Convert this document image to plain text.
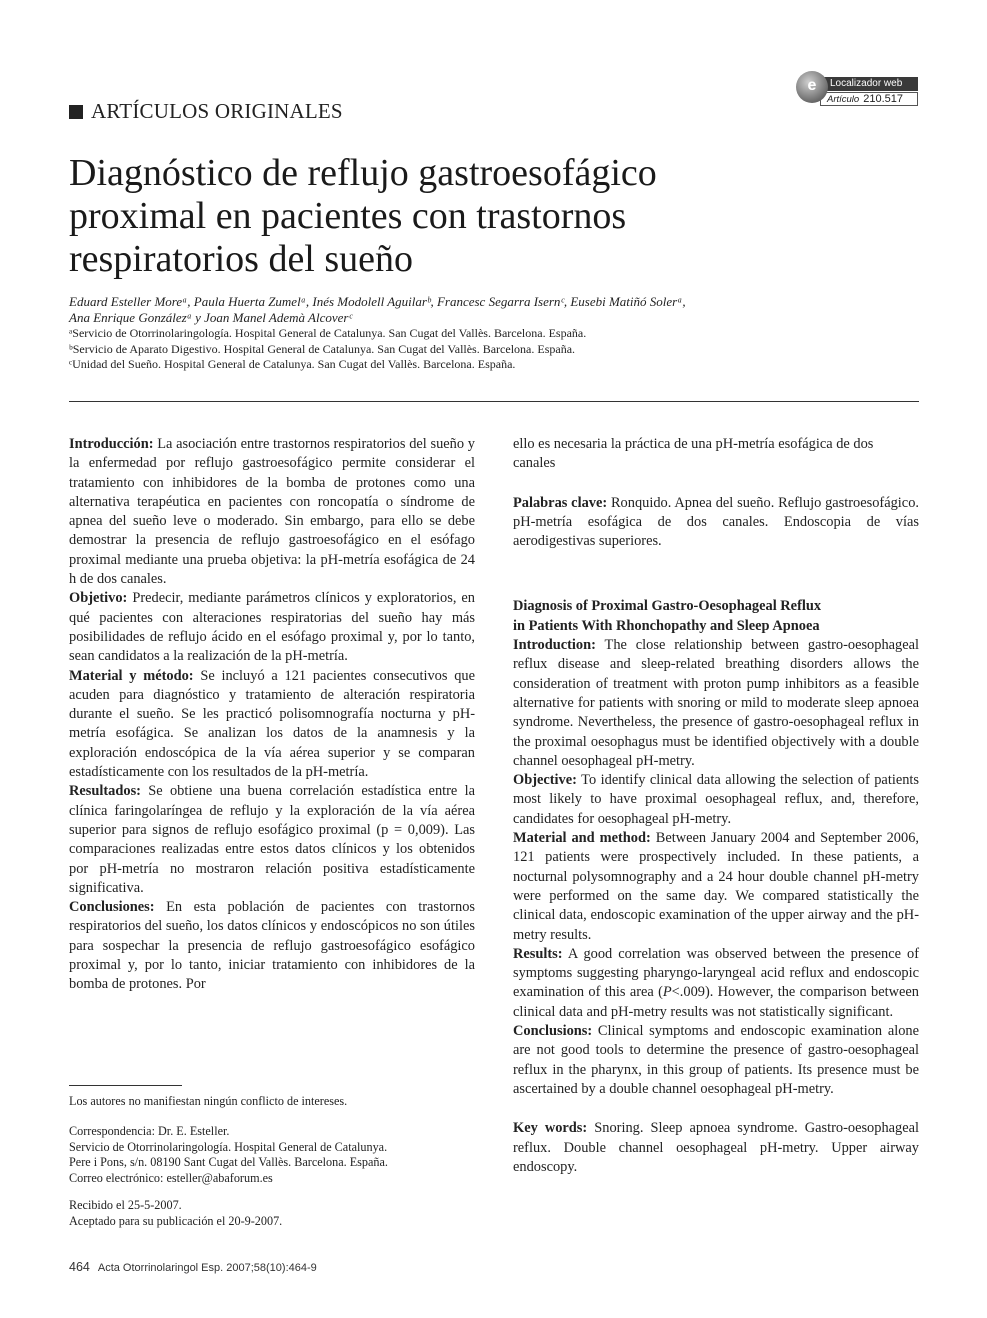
ARTÍCULOS ORIGINALES
Localizador web
Artículo 210.517
e
Diagnóstico de reflujo gastroesofágico
proximal en pacientes con trastornos
respiratorios del sueño
Eduard Esteller Moreᵃ, Paula Huerta Zumelᵃ, Inés Modolell Aguilarᵇ, Francesc Segarra Isernᶜ, Eusebi Matiñó Solerᵃ,
Ana Enrique Gonzálezᵃ y Joan Manel Ademà Alcoverᶜ
ᵃServicio de Otorrinolaringología. Hospital General de Catalunya. San Cugat del Vallès. Barcelona. España.
ᵇServicio de Aparato Digestivo. Hospital General de Catalunya. San Cugat del Vallès. Barcelona. España.
ᶜUnidad del Sueño. Hospital General de Catalunya. San Cugat del Vallès. Barcelona. España.

Introducción: La asociación entre trastornos respiratorios del sueño y la enfermedad por reflujo gastroesofágico permite considerar el tratamiento con inhibidores de la bomba de protones como una alternativa terapéutica en pacientes con roncopatía o síndrome de apnea del sueño leve o moderado. Sin embargo, para ello se debe demostrar la presencia de reflujo gastroesofágico en el esófago proximal mediante una prueba objetiva: la pH-metría esofágica de 24 h de dos canales.

Objetivo: Predecir, mediante parámetros clínicos y exploratorios, en qué pacientes con alteraciones respiratorias del sueño hay más posibilidades de reflujo ácido en el esófago proximal y, por lo tanto, sean candidatos a la realización de la pH-metría.

Material y método: Se incluyó a 121 pacientes consecutivos que acuden para diagnóstico y tratamiento de alteración respiratoria durante el sueño. Se les practicó polisomnografía nocturna y pH-metría esofágica. Se analizan los datos de la anamnesis y la exploración endoscópica de la vía aérea superior y se comparan estadísticamente con los resultados de la pH-metría.

Resultados: Se obtiene una buena correlación estadística entre la clínica faringolaríngea de reflujo y la exploración de la vía aérea superior para signos de reflujo esofágico proximal (p = 0,009). Las comparaciones realizadas entre estos datos clínicos y los obtenidos por pH-metría no mostraron relación positiva estadísticamente significativa.

Conclusiones: En esta población de pacientes con trastornos respiratorios del sueño, los datos clínicos y endoscópicos no son útiles para sospechar la presencia de reflujo gastroesofágico esofágico proximal y, por lo tanto, iniciar tratamiento con inhibidores de la bomba de protones. Por

ello es necesaria la práctica de una pH-metría esofágica de dos canales

Palabras clave: Ronquido. Apnea del sueño. Reflujo gastroesofágico. pH-metría esofágica de dos canales. Endoscopia de vías aerodigestivas superiores.

Diagnosis of Proximal Gastro-Oesophageal Reflux
in Patients With Rhonchopathy and Sleep Apnoea

Introduction: The close relationship between gastro-oesophageal reflux disease and sleep-related breathing disorders allows the consideration of treatment with proton pump inhibitors as a feasible alternative for patients with snoring or mild to moderate sleep apnoea syndrome. Nevertheless, the presence of gastro-oesophageal reflux in the proximal oesophagus must be identified objectively with a double channel oesophageal pH-metry.

Objective: To identify clinical data allowing the selection of patients most likely to have proximal oesophageal reflux, and, therefore, candidates for oesophageal pH-metry.

Material and method: Between January 2004 and September 2006, 121 patients were prospectively included. In these patients, a nocturnal polysomnography and a 24 hour double channel pH-metry were performed on the same day. We compared statistically the clinical data, endoscopic examination of the upper airway and the pH-metry results.

Results: A good correlation was observed between the presence of symptoms suggesting pharyngo-laryngeal acid reflux and endoscopic examination of this area (P<.009). However, the comparison between clinical data and pH-metry results was not statistically significant.

Conclusions: Clinical symptoms and endoscopic examination alone are not good tools to determine the presence of gastro-oesophageal reflux in the pharynx, in this group of patients. Its presence must be ascertained by a double channel oesophageal pH-metry.

Key words: Snoring. Sleep apnoea syndrome. Gastro-oesophageal reflux. Double channel oesophageal pH-metry. Upper airway endoscopy.

Los autores no manifiestan ningún conflicto de intereses.
Correspondencia: Dr. E. Esteller.
Servicio de Otorrinolaringología. Hospital General de Catalunya.
Pere i Pons, s/n. 08190 Sant Cugat del Vallès. Barcelona. España.
Correo electrónico: esteller@abaforum.es
Recibido el 25-5-2007.
Aceptado para su publicación el 20-9-2007.
464 Acta Otorrinolaringol Esp. 2007;58(10):464-9
